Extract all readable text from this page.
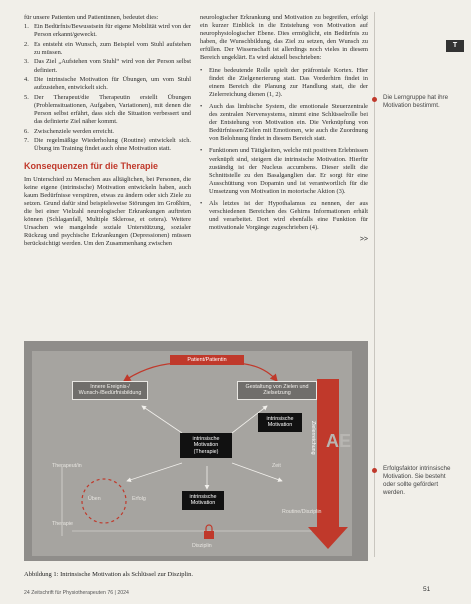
für unsere Patienten und Patientinnen, bedeutet dies:

1. Ein Bedürfnis/Bewusstsein für eigene Mobilität wird von der Person erkannt/geweckt.
2. Es entsteht ein Wunsch, zum Beispiel vom Stuhl aufstehen zu müssen.
3. Das Ziel „Aufstehen vom Stuhl“ wird von der Person selbst definiert.
4. Die intrinsische Motivation für Übungen, um vom Stuhl aufzustehen, entwickelt sich.
5. Der Therapeut/die Therapeutin erstellt Übungen (Problemsituationen, Aufgaben, Variationen), mit denen die Person selbst erfährt, dass sich die Situation verbessert und das definierte Ziel näher kommt.
6. Zwischenziele werden erreicht.
7. Die regelmäßige Wiederholung (Routine) entwickelt sich. Übung im Training findet auch ohne Motivation statt.
Konsequenzen für die Therapie

Im Unterschied zu Menschen aus alltäglichen, bei Personen, die keine eigene (intrinsische) Motivation entwickeln haben, auch kaum Bedürfnisse verspüren, etwas zu ändern oder sich Ziele zu setzen. Grund dafür sind beispielsweise Störungen im Großhirn, die bei einer Vielzahl neurologischer Erkrankungen auftreten können (Schlaganfall, Multiple Sklerose, et cetera). Weitere Ursachen wie mangelnde soziale Unterstützung, sozialer Rückzug und psychische Erkrankungen (Depressionen) müssen berücksichtigt werden. Um den Zusammenhang zwischen

neurologischer Erkrankung und Motivation zu begreifen, erfolgt ein kurzer Einblick in die Entstehung von Motivation auf neurophysiologischer Ebene. Dies ermöglicht, ein Bedürfnis zu haben, die Wunschbildung, das Ziel zu setzen, den Wunsch zu erfüllen. Der Wissenschaft ist allerdings noch vieles in diesem Bereich ungeklärt. Es wird aktuell beschrieben:

•	Eine bedeutende Rolle spielt der präfrontale Kortex. Hier findet die Zielgenerierung statt. Das Vorderhirn findet in einem Bereich die Planung zur Handlung statt, die der Zielerreichung dienen (1, 2).
•	Auch das limbische System, die emotionale Steuerzentrale des zentralen Nervensystems, nimmt eine Schlüsselrolle bei der Entstehung von Motivation ein. Die Verknüpfung von Bedürfnissen/Zielen mit Emotionen, wie auch die Zuordnung von Belohnung findet in diesem Bereich statt.
•	Funktionen und Tätigkeiten, welche mit positiven Erlebnissen verknüpft sind, steigern die intrinsische Motivation. Hierfür zuständig ist der Nucleus accumbens. Dieser stellt die Schnittstelle zu den Basalganglien dar. Er sorgt für eine Ausschüttung von Dopamin und ist verantwortlich für die Umsetzung von Motivation in motorische Aktion (3).
•	Als letztes ist der Hypothalamus zu nennen, der aus verschiedenen Bereichen des Gehirns Informationen erhält und verarbeitet. Dort wird ebenfalls eine Funktion für motivationale Vorgänge zugeschrieben (4).
>>
T
Die Lerngruppe hat ihre Motivation bestimmt.
Erfolgsfaktor intrinsische Motivation. Sie besteht oder sollte gefördert werden.
Patient/Patientin
Innere Ereignis-/ Wunsch-/Bedürfnisbildung
Gestaltung von Zielen und Zielsetzung
intrinsische Motivation (Therapie)
intrinsische Motivation
intrinsische Motivation
Therapeut/in
Erfolg
Üben
Therapie
Zeit
Routine/Disziplin
Disziplin
Zielerreichung AE
Abbildung 1: Intrinsische Motivation als Schlüssel zur Disziplin.
24 Zeitschrift für Physiotherapeuten 76 | 2024	51
